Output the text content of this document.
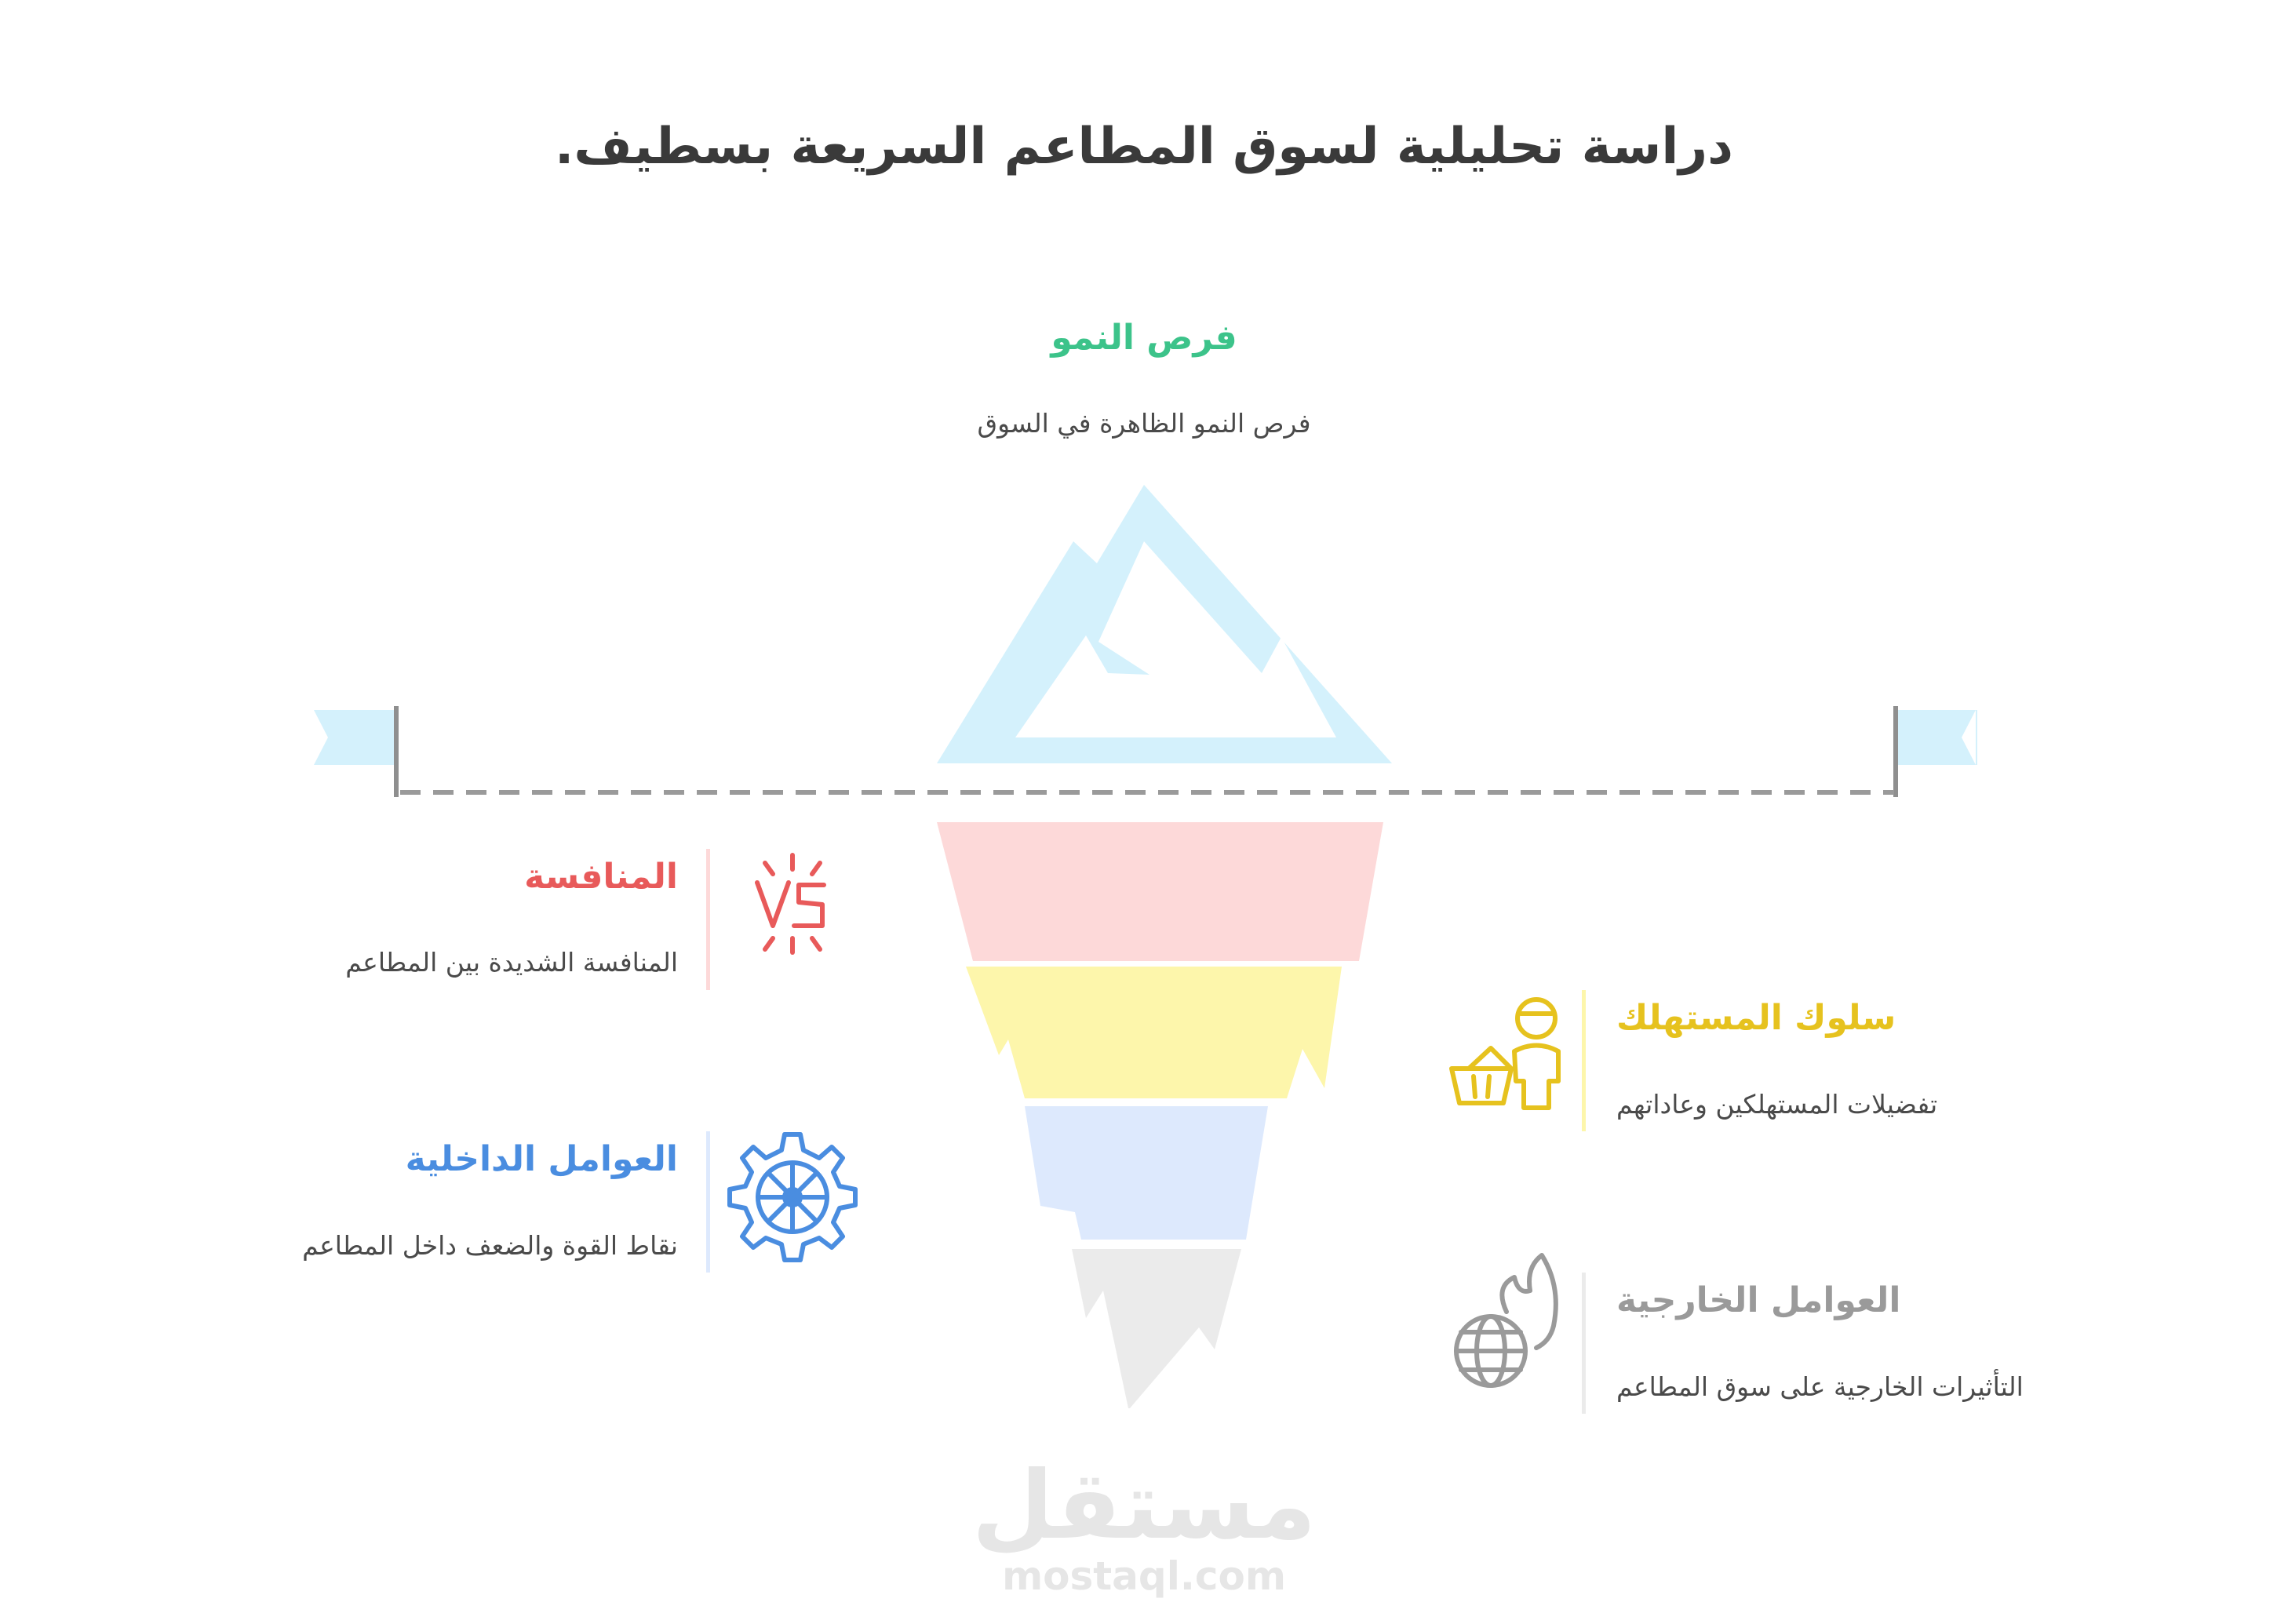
.دراسة تحليلية لسوق المطاعم السريعة بسطيف
فرص النمو
فرص النمو الظاهرة في السوق
المنافسة
المنافسة الشديدة بين المطاعم
العوامل الداخلية
نقاط القوة والضعف داخل المطاعم
سلوك المستهلك
تفضيلات المستهلكين وعاداتهم
العوامل الخارجية
التأثيرات الخارجية على سوق المطاعم
مستقل
mostaql.com
